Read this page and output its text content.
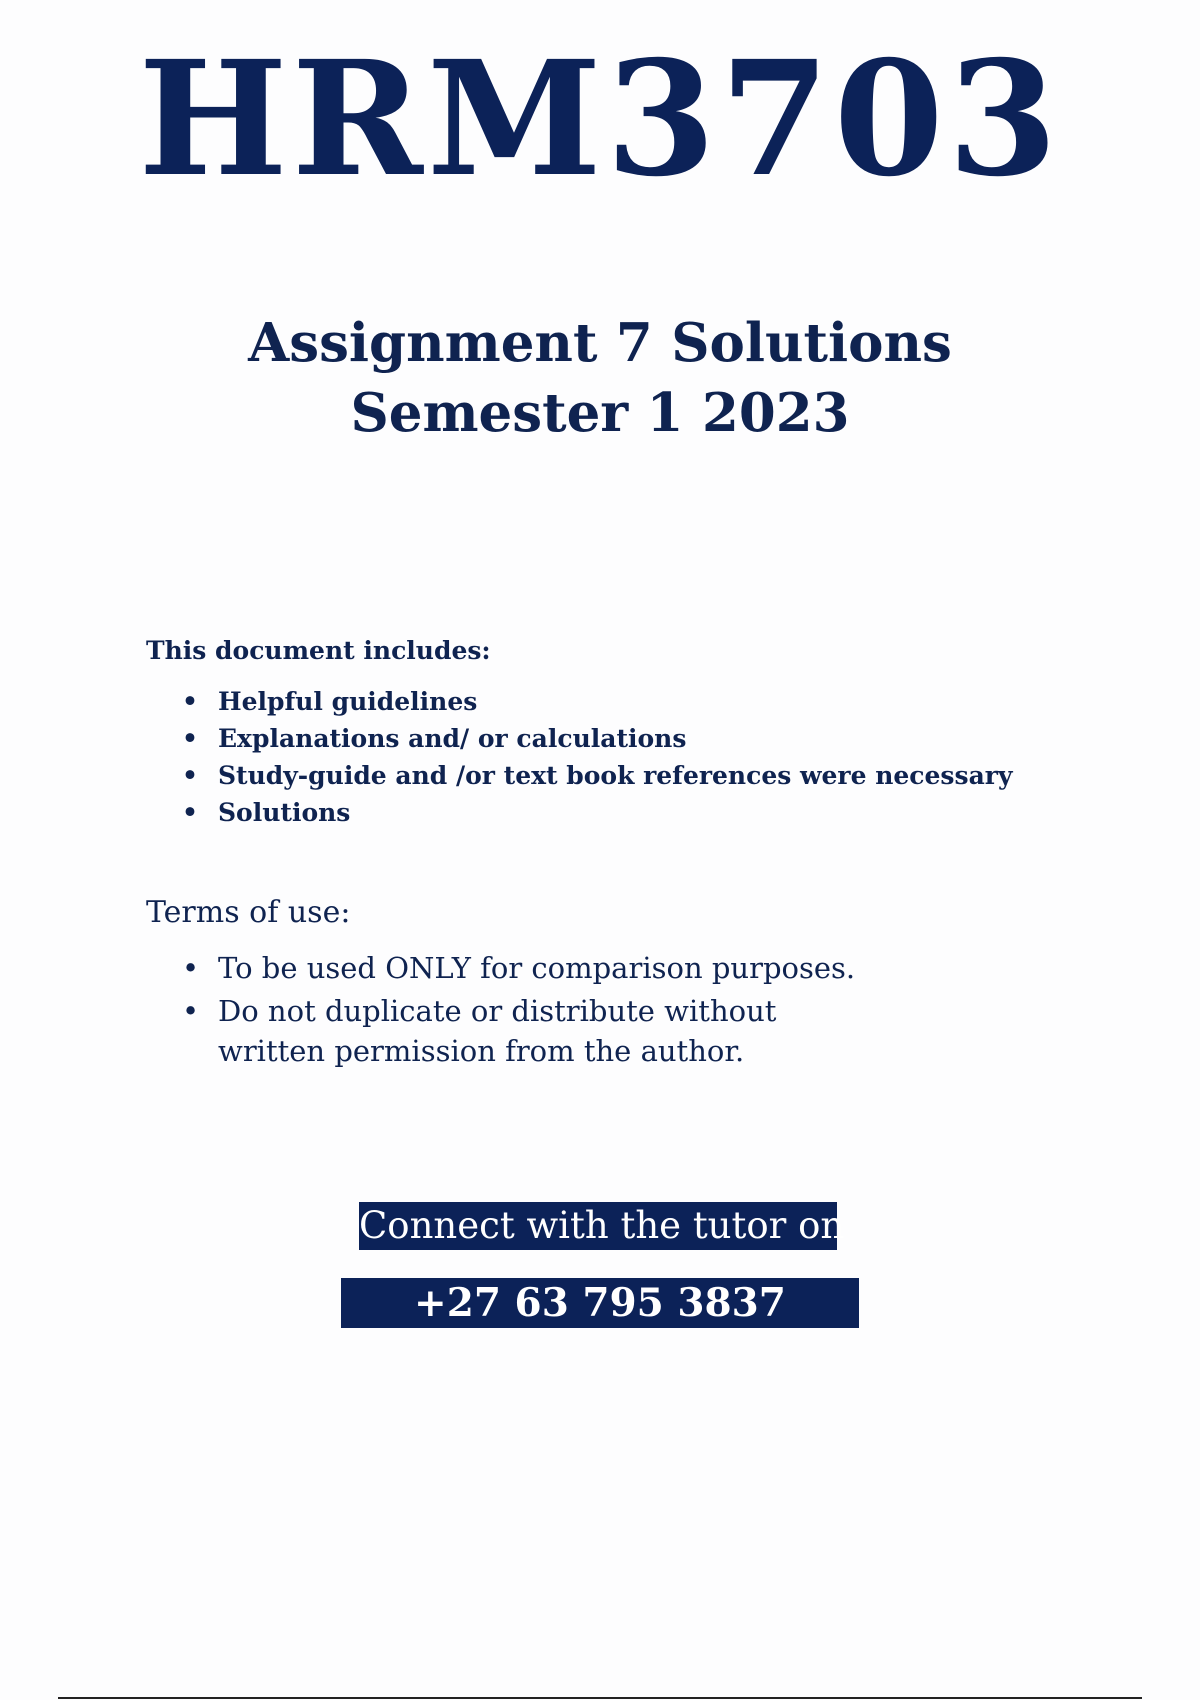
HRM3703
Assignment 7 Solutions
Semester 1 2023
This document includes:
• Helpful guidelines
• Explanations and/ or calculations
• Study-guide and /or text book references were necessary
• Solutions
Terms of use:
• To be used ONLY for comparison purposes.
• Do not duplicate or distribute without written permission from the author.
Connect with the tutor on
+27 63 795 3837
